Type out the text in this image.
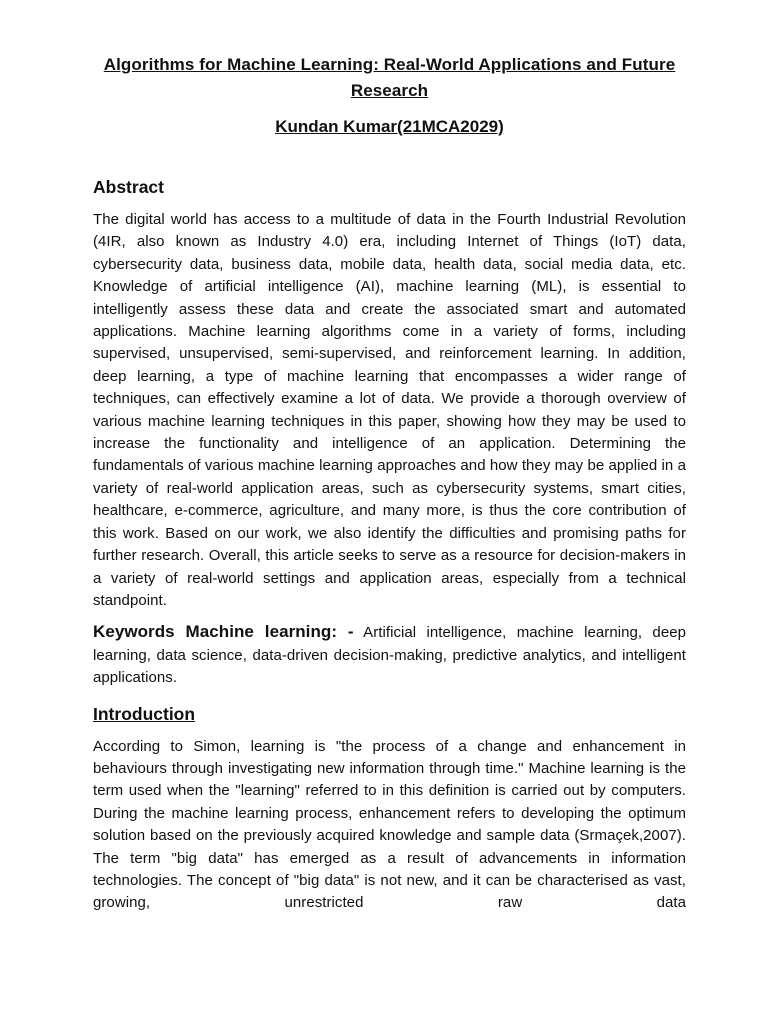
Algorithms for Machine Learning: Real-World Applications and Future Research
Kundan Kumar(21MCA2029)
Abstract

The digital world has access to a multitude of data in the Fourth Industrial Revolution (4IR, also known as Industry 4.0) era, including Internet of Things (IoT) data, cybersecurity data, business data, mobile data, health data, social media data, etc. Knowledge of artificial intelligence (AI), machine learning (ML), is essential to intelligently assess these data and create the associated smart and automated applications. Machine learning algorithms come in a variety of forms, including supervised, unsupervised, semi-supervised, and reinforcement learning. In addition, deep learning, a type of machine learning that encompasses a wider range of techniques, can effectively examine a lot of data. We provide a thorough overview of various machine learning techniques in this paper, showing how they may be used to increase the functionality and intelligence of an application. Determining the fundamentals of various machine learning approaches and how they may be applied in a variety of real-world application areas, such as cybersecurity systems, smart cities, healthcare, e-commerce, agriculture, and many more, is thus the core contribution of this work. Based on our work, we also identify the difficulties and promising paths for further research. Overall, this article seeks to serve as a resource for decision-makers in a variety of real-world settings and application areas, especially from a technical standpoint.

Keywords Machine learning: - Artificial intelligence, machine learning, deep learning, data science, data-driven decision-making, predictive analytics, and intelligent applications.

Introduction

According to Simon, learning is "the process of a change and enhancement in behaviours through investigating new information through time." Machine learning is the term used when the "learning" referred to in this definition is carried out by computers. During the machine learning process, enhancement refers to developing the optimum solution based on the previously acquired knowledge and sample data (Srmaçek,2007). The term "big data" has emerged as a result of advancements in information technologies. The concept of "big data" is not new, and it can be characterised as vast, growing, unrestricted raw data
